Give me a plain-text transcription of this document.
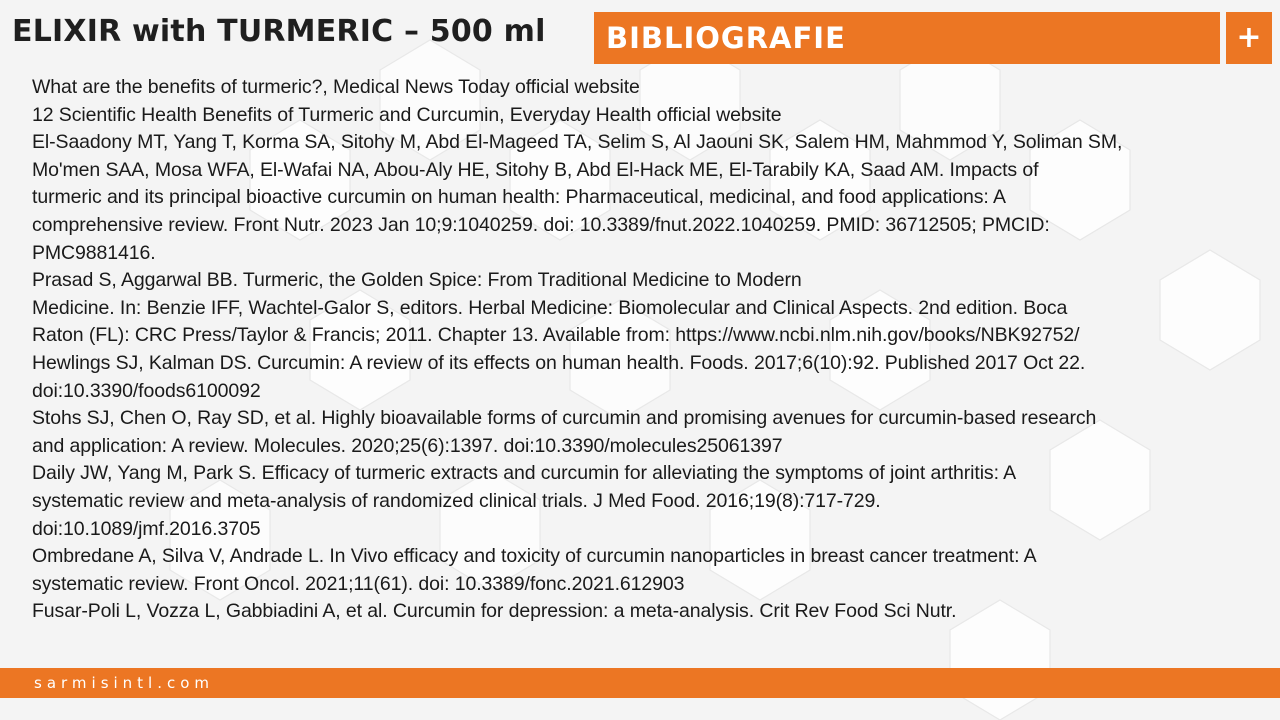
ELIXIR with TURMERIC – 500 ml BIBLIOGRAFIE	+
What are the benefits of turmeric?, Medical News Today official website
12 Scientific Health Benefits of Turmeric and Curcumin, Everyday Health official website
El-Saadony MT, Yang T, Korma SA, Sitohy M, Abd El-Mageed TA, Selim S, Al Jaouni SK, Salem HM, Mahmmod Y, Soliman SM,
Mo'men SAA, Mosa WFA, El-Wafai NA, Abou-Aly HE, Sitohy B, Abd El-Hack ME, El-Tarabily KA, Saad AM. Impacts of
turmeric and its principal bioactive curcumin on human health: Pharmaceutical, medicinal, and food applications: A
comprehensive review. Front Nutr. 2023 Jan 10;9:1040259. doi: 10.3389/fnut.2022.1040259. PMID: 36712505; PMCID:
PMC9881416.
Prasad S, Aggarwal BB. Turmeric, the Golden Spice: From Traditional Medicine to Modern
Medicine. In: Benzie IFF, Wachtel-Galor S, editors. Herbal Medicine: Biomolecular and Clinical Aspects. 2nd edition. Boca
Raton (FL): CRC Press/Taylor & Francis; 2011. Chapter 13. Available from: https://www.ncbi.nlm.nih.gov/books/NBK92752/
Hewlings SJ, Kalman DS. Curcumin: A review of its effects on human health. Foods. 2017;6(10):92. Published 2017 Oct 22.
doi:10.3390/foods6100092
Stohs SJ, Chen O, Ray SD, et al. Highly bioavailable forms of curcumin and promising avenues for curcumin-based research
and application: A review. Molecules. 2020;25(6):1397. doi:10.3390/molecules25061397
Daily JW, Yang M, Park S. Efficacy of turmeric extracts and curcumin for alleviating the symptoms of joint arthritis: A
systematic review and meta-analysis of randomized clinical trials. J Med Food. 2016;19(8):717-729.
doi:10.1089/jmf.2016.3705
Ombredane A, Silva V, Andrade L. In Vivo efficacy and toxicity of curcumin nanoparticles in breast cancer treatment: A
systematic review. Front Oncol. 2021;11(61). doi: 10.3389/fonc.2021.612903
Fusar-Poli L, Vozza L, Gabbiadini A, et al. Curcumin for depression: a meta-analysis. Crit Rev Food Sci Nutr.
sarmisintl.com
